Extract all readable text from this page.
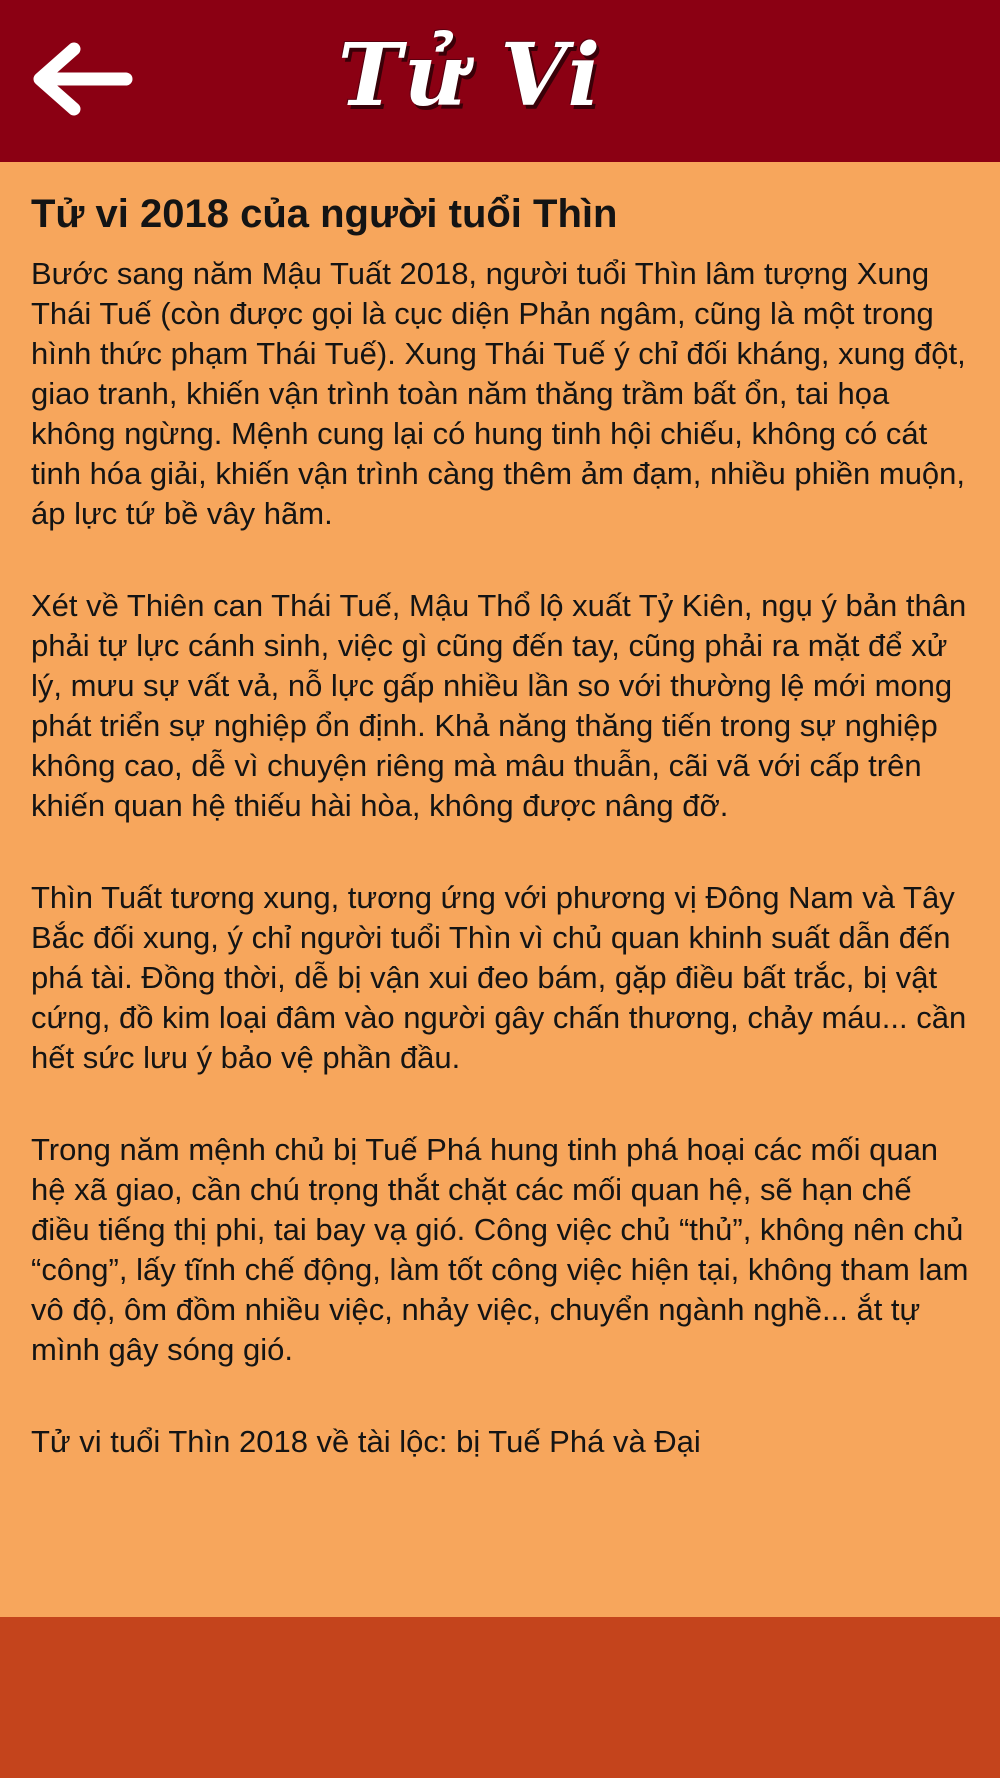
Tử Vi
Tử vi 2018 của người tuổi Thìn

Bước sang năm Mậu Tuất 2018, người tuổi Thìn lâm tượng Xung Thái Tuế (còn được gọi là cục diện Phản ngâm, cũng là một trong hình thức phạm Thái Tuế). Xung Thái Tuế ý chỉ đối kháng, xung đột, giao tranh, khiến vận trình toàn năm thăng trầm bất ổn, tai họa không ngừng. Mệnh cung lại có hung tinh hội chiếu, không có cát tinh hóa giải, khiến vận trình càng thêm ảm đạm, nhiều phiền muộn, áp lực tứ bề vây hãm.

Xét về Thiên can Thái Tuế, Mậu Thổ lộ xuất Tỷ Kiên, ngụ ý bản thân phải tự lực cánh sinh, việc gì cũng đến tay, cũng phải ra mặt để xử lý, mưu sự vất vả, nỗ lực gấp nhiều lần so với thường lệ mới mong phát triển sự nghiệp ổn định. Khả năng thăng tiến trong sự nghiệp không cao, dễ vì chuyện riêng mà mâu thuẫn, cãi vã với cấp trên khiến quan hệ thiếu hài hòa, không được nâng đỡ.

Thìn Tuất tương xung, tương ứng với phương vị Đông Nam và Tây Bắc đối xung, ý chỉ người tuổi Thìn vì chủ quan khinh suất dẫn đến phá tài. Đồng thời, dễ bị vận xui đeo bám, gặp điều bất trắc, bị vật cứng, đồ kim loại đâm vào người gây chấn thương, chảy máu... cần hết sức lưu ý bảo vệ phần đầu.

Trong năm mệnh chủ bị Tuế Phá hung tinh phá hoại các mối quan hệ xã giao, cần chú trọng thắt chặt các mối quan hệ, sẽ hạn chế điều tiếng thị phi, tai bay vạ gió. Công việc chủ “thủ”, không nên chủ “công”, lấy tĩnh chế động, làm tốt công việc hiện tại, không tham lam vô độ, ôm đồm nhiều việc, nhảy việc, chuyển ngành nghề... ắt tự mình gây sóng gió.

Tử vi tuổi Thìn 2018 về tài lộc: bị Tuế Phá và Đại
